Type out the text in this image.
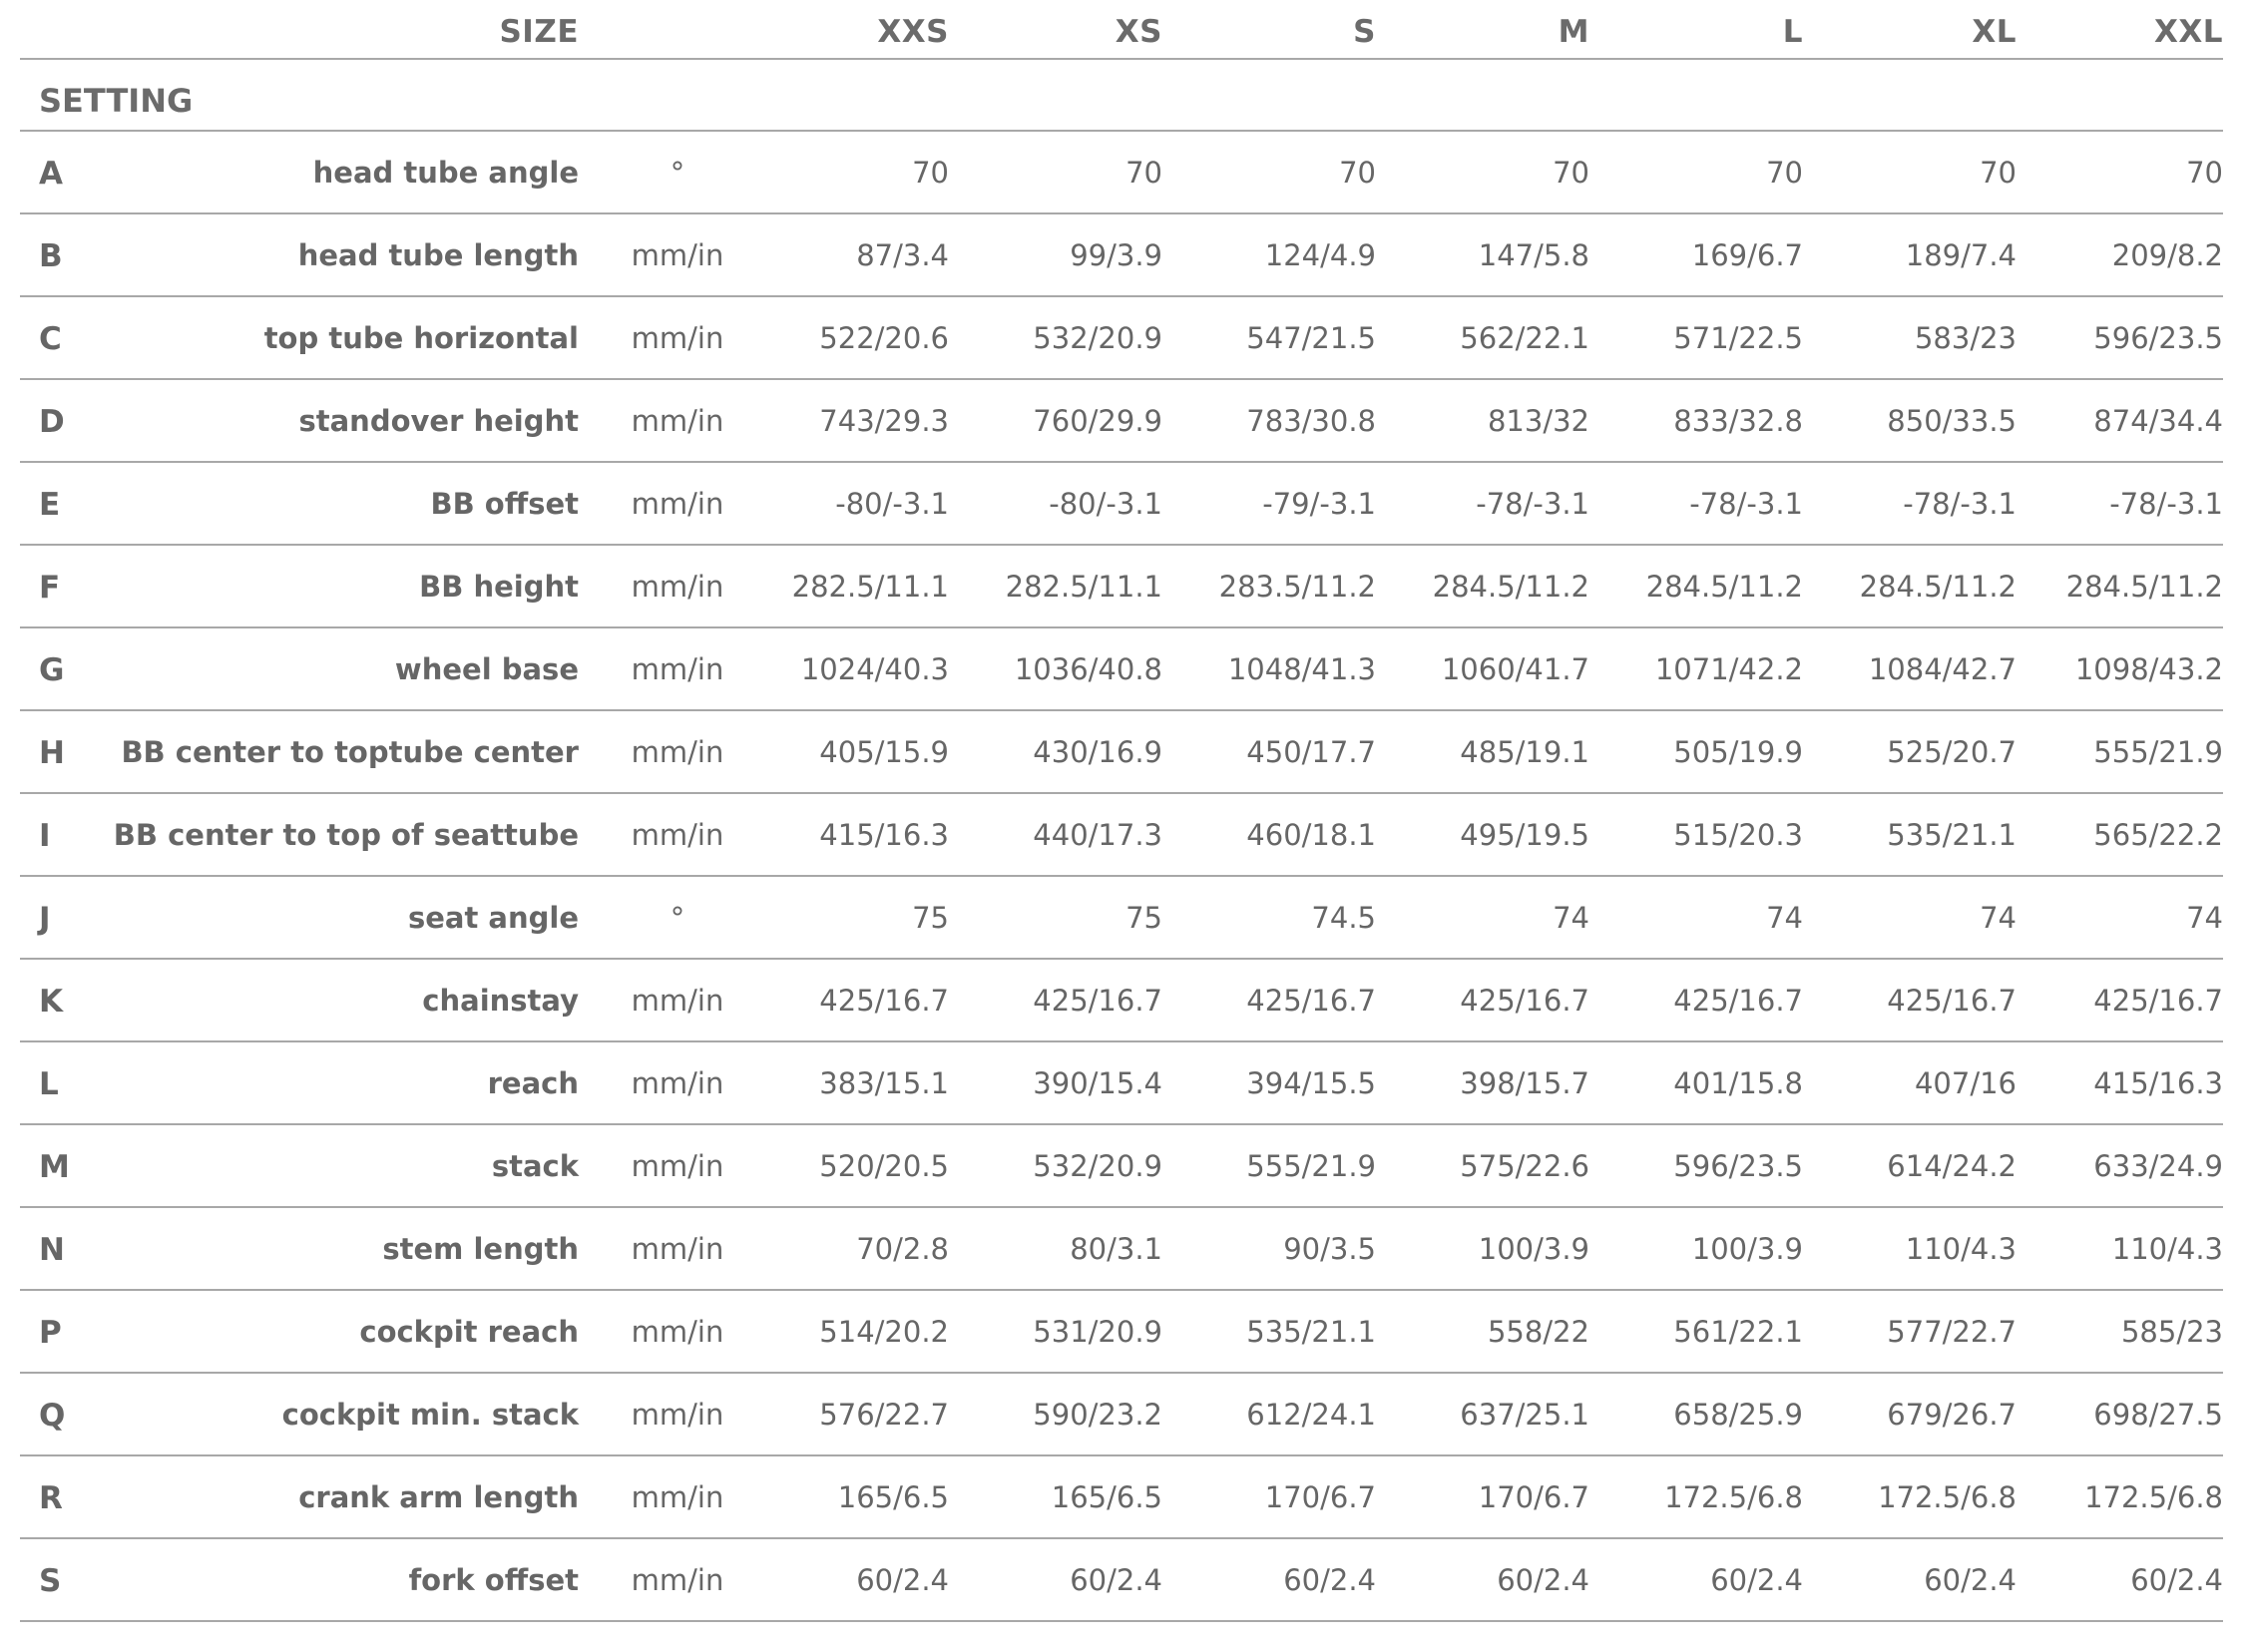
SIZE	XXS	XS	S	M	L	XL	XXL
SETTING
A	head tube angle	°	70	70	70	70	70	70	70
B	head tube length	mm/in	87/3.4	99/3.9	124/4.9	147/5.8	169/6.7	189/7.4	209/8.2
C	top tube horizontal	mm/in	522/20.6	532/20.9	547/21.5	562/22.1	571/22.5	583/23	596/23.5
D	standover height	mm/in	743/29.3	760/29.9	783/30.8	813/32	833/32.8	850/33.5	874/34.4
E	BB offset	mm/in	-80/-3.1	-80/-3.1	-79/-3.1	-78/-3.1	-78/-3.1	-78/-3.1	-78/-3.1
F	BB height	mm/in	282.5/11.1 282.5/11.1 283.5/11.2 284.5/11.2 284.5/11.2 284.5/11.2 284.5/11.2
G	wheel base	mm/in	1024/40.3 1036/40.8 1048/41.3 1060/41.7 1071/42.2 1084/42.7 1098/43.2
H BB center to toptube center	mm/in	405/15.9	430/16.9	450/17.7	485/19.1	505/19.9	525/20.7	555/21.9
I BB center to top of seattube	mm/in	415/16.3	440/17.3	460/18.1	495/19.5	515/20.3	535/21.1	565/22.2
J	seat angle	°	75	75	74.5	74	74	74	74
K	chainstay	mm/in	425/16.7	425/16.7	425/16.7	425/16.7	425/16.7	425/16.7	425/16.7
L	reach	mm/in	383/15.1	390/15.4	394/15.5	398/15.7	401/15.8	407/16	415/16.3
M	stack	mm/in	520/20.5	532/20.9	555/21.9	575/22.6	596/23.5	614/24.2	633/24.9
N	stem length	mm/in	70/2.8	80/3.1	90/3.5	100/3.9	100/3.9	110/4.3	110/4.3
P	cockpit reach	mm/in	514/20.2	531/20.9	535/21.1	558/22	561/22.1	577/22.7	585/23
Q	cockpit min. stack	mm/in	576/22.7	590/23.2	612/24.1	637/25.1	658/25.9	679/26.7	698/27.5
R	crank arm length	mm/in	165/6.5	165/6.5	170/6.7	170/6.7	172.5/6.8	172.5/6.8 172.5/6.8
S	fork offset	mm/in	60/2.4	60/2.4	60/2.4	60/2.4	60/2.4	60/2.4	60/2.4
